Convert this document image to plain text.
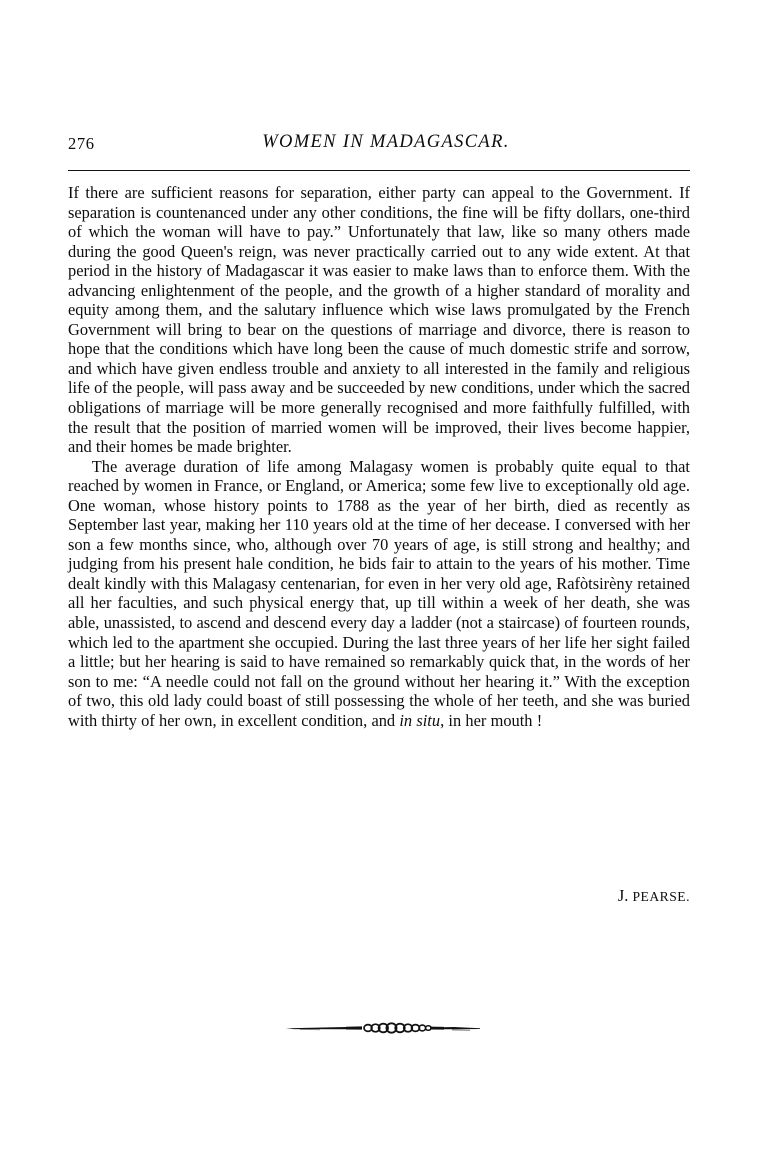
276	WOMEN IN MADAGASCAR.

If there are sufficient reasons for separation, either party can appeal to the Government. If separation is countenanced under any other conditions, the fine will be fifty dollars, one-third of which the woman will have to pay.” Unfortunately that law, like so many others made during the good Queen's reign, was never practically carried out to any wide extent. At that period in the history of Madagascar it was easier to make laws than to enforce them. With the advancing enlightenment of the people, and the growth of a higher standard of morality and equity among them, and the salutary influence which wise laws promulgated by the French Government will bring to bear on the questions of marriage and divorce, there is reason to hope that the conditions which have long been the cause of much domestic strife and sorrow, and which have given endless trouble and anxiety to all interested in the family and religious life of the people, will pass away and be succeeded by new conditions, under which the sacred obligations of marriage will be more generally recognised and more faithfully fulfilled, with the result that the position of married women will be improved, their lives become happier, and their homes be made brighter.

The average duration of life among Malagasy women is probably quite equal to that reached by women in France, or England, or America; some few live to exceptionally old age. One woman, whose history points to 1788 as the year of her birth, died as recently as September last year, making her 110 years old at the time of her decease. I conversed with her son a few months since, who, although over 70 years of age, is still strong and healthy; and judging from his present hale condition, he bids fair to attain to the years of his mother. Time dealt kindly with this Malagasy centenarian, for even in her very old age, Rafòtsirèny retained all her faculties, and such physical energy that, up till within a week of her death, she was able, unassisted, to ascend and descend every day a ladder (not a staircase) of fourteen rounds, which led to the apartment she occupied. During the last three years of her life her sight failed a little; but her hearing is said to have remained so remarkably quick that, in the words of her son to me: “A needle could not fall on the ground without her hearing it.” With the exception of two, this old lady could boast of still possessing the whole of her teeth, and she was buried with thirty of her own, in excellent condition, and in situ, in her mouth !

J. PEARSE.
